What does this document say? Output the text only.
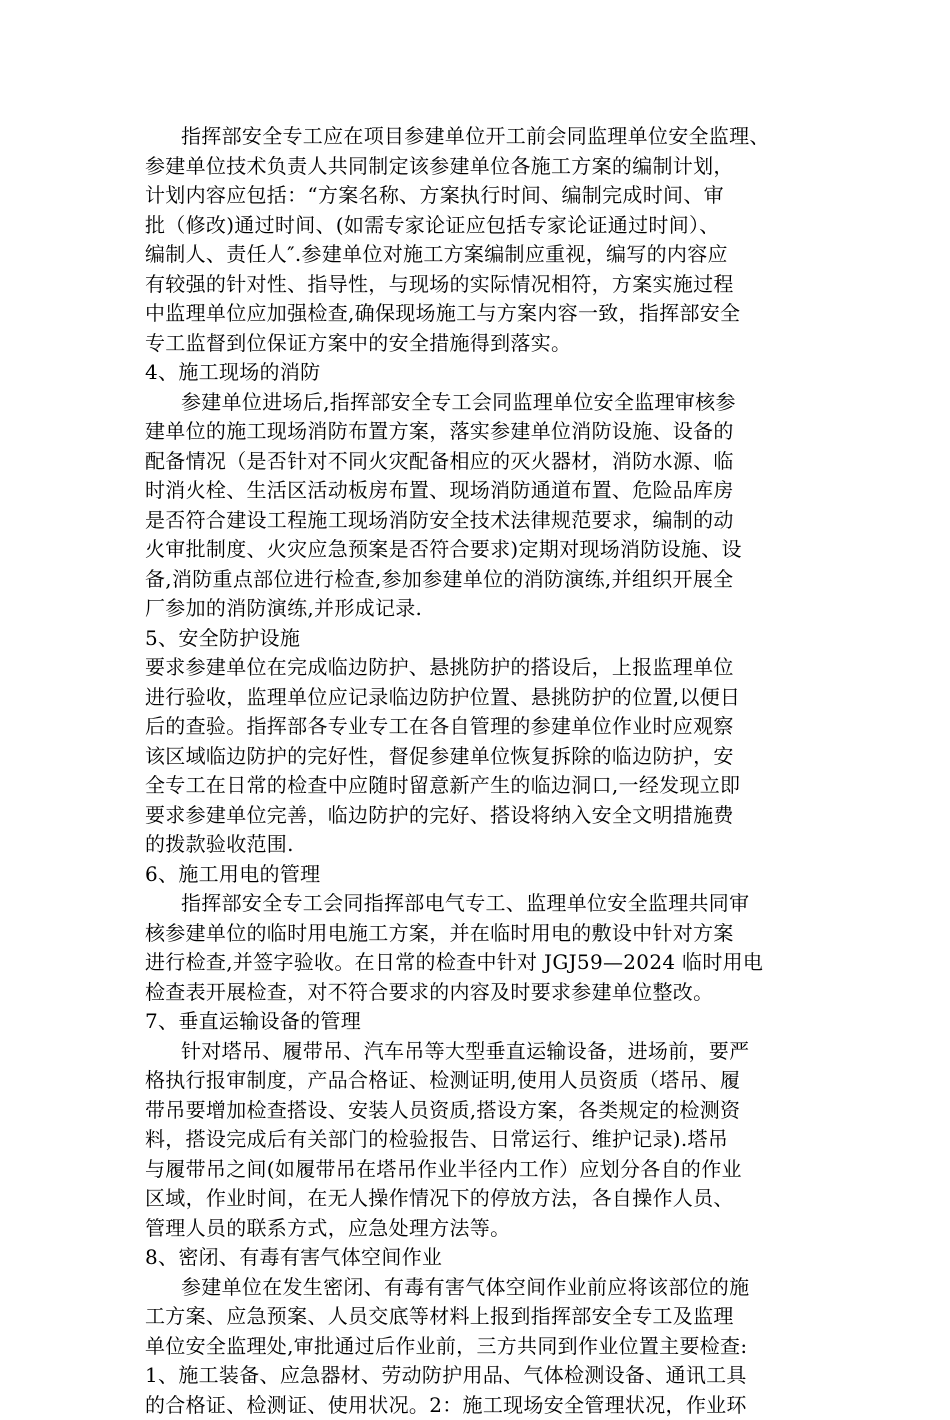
指挥部安全专工应在项目参建单位开工前会同监理单位安全监理、
参建单位技术负责人共同制定该参建单位各施工方案的编制计划，
计划内容应包括：“方案名称、方案执行时间、编制完成时间、审
批（修改)通过时间、(如需专家论证应包括专家论证通过时间）、
编制人、责任人″.参建单位对施工方案编制应重视，编写的内容应
有较强的针对性、指导性，与现场的实际情况相符，方案实施过程
中监理单位应加强检查,确保现场施工与方案内容一致，指挥部安全
专工监督到位保证方案中的安全措施得到落实。
4、施工现场的消防
参建单位进场后,指挥部安全专工会同监理单位安全监理审核参
建单位的施工现场消防布置方案，落实参建单位消防设施、设备的
配备情况（是否针对不同火灾配备相应的灭火器材，消防水源、临
时消火栓、生活区活动板房布置、现场消防通道布置、危险品库房
是否符合建设工程施工现场消防安全技术法律规范要求，编制的动
火审批制度、火灾应急预案是否符合要求)定期对现场消防设施、设
备,消防重点部位进行检查,参加参建单位的消防演练,并组织开展全
厂参加的消防演练,并形成记录.
5、安全防护设施
要求参建单位在完成临边防护、悬挑防护的搭设后，上报监理单位
进行验收，监理单位应记录临边防护位置、悬挑防护的位置,以便日
后的查验。指挥部各专业专工在各自管理的参建单位作业时应观察
该区域临边防护的完好性，督促参建单位恢复拆除的临边防护，安
全专工在日常的检查中应随时留意新产生的临边洞口,一经发现立即
要求参建单位完善，临边防护的完好、搭设将纳入安全文明措施费
的拨款验收范围.
6、施工用电的管理
指挥部安全专工会同指挥部电气专工、监理单位安全监理共同审
核参建单位的临时用电施工方案，并在临时用电的敷设中针对方案
进行检查,并签字验收。在日常的检查中针对 JGJ59—2024 临时用电
检查表开展检查，对不符合要求的内容及时要求参建单位整改。
7、垂直运输设备的管理
针对塔吊、履带吊、汽车吊等大型垂直运输设备，进场前，要严
格执行报审制度，产品合格证、检测证明,使用人员资质（塔吊、履
带吊要增加检查搭设、安装人员资质,搭设方案，各类规定的检测资
料，搭设完成后有关部门的检验报告、日常运行、维护记录).塔吊
与履带吊之间(如履带吊在塔吊作业半径内工作）应划分各自的作业
区域，作业时间，在无人操作情况下的停放方法，各自操作人员、
管理人员的联系方式，应急处理方法等。
8、密闭、有毒有害气体空间作业
参建单位在发生密闭、有毒有害气体空间作业前应将该部位的施
工方案、应急预案、人员交底等材料上报到指挥部安全专工及监理
单位安全监理处,审批通过后作业前，三方共同到作业位置主要检查:
1、施工装备、应急器材、劳动防护用品、气体检测设备、通讯工具
的合格证、检测证、使用状况。2：施工现场安全管理状况，作业环
